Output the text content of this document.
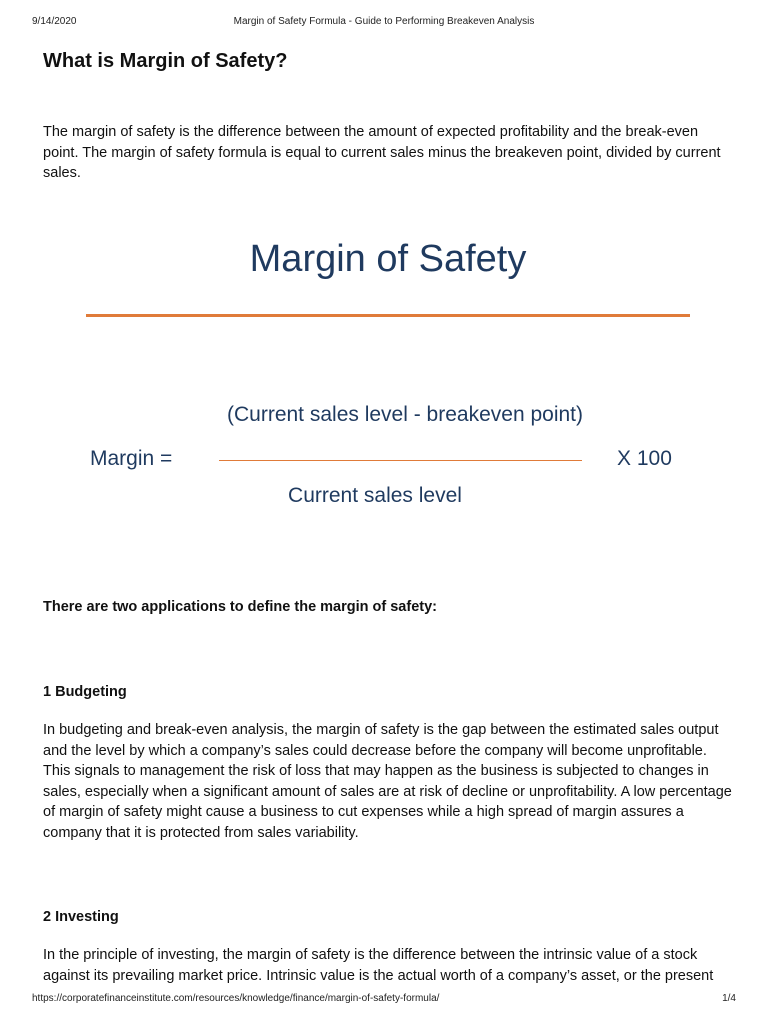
9/14/2020	Margin of Safety Formula - Guide to Performing Breakeven Analysis
What is Margin of Safety?
The margin of safety is the difference between the amount of expected profitability and the break-even point. The margin of safety formula is equal to current sales minus the breakeven point, divided by current sales.
Margin of Safety
(Current sales level - breakeven point)
Margin =	X 100
Current sales level
There are two applications to define the margin of safety:
1 Budgeting
In budgeting and break-even analysis, the margin of safety is the gap between the estimated sales output and the level by which a company’s sales could decrease before the company will become unprofitable. This signals to management the risk of loss that may happen as the business is subjected to changes in sales, especially when a significant amount of sales are at risk of decline or unprofitability. A low percentage of margin of safety might cause a business to cut expenses while a high spread of margin assures a company that it is protected from sales variability.
2 Investing
In the principle of investing, the margin of safety is the difference between the intrinsic value of a stock against its prevailing market price. Intrinsic value is the actual worth of a company’s asset, or the present
https://corporatefinanceinstitute.com/resources/knowledge/finance/margin-of-safety-formula/	1/4
